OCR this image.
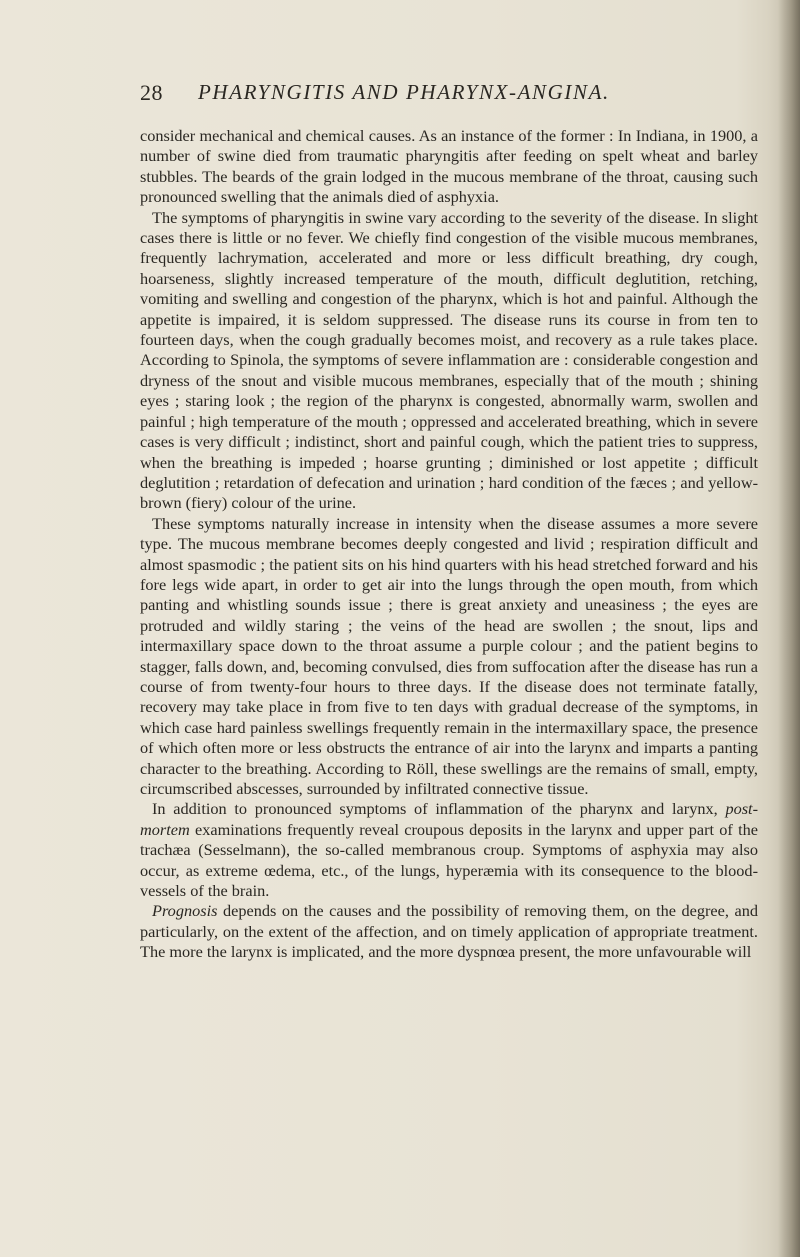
28 PHARYNGITIS AND PHARYNX-ANGINA.

consider mechanical and chemical causes. As an instance of the former : In Indiana, in 1900, a number of swine died from traumatic pharyngitis after feeding on spelt wheat and barley stubbles. The beards of the grain lodged in the mucous membrane of the throat, causing such pronounced swelling that the animals died of asphyxia.

The symptoms of pharyngitis in swine vary according to the severity of the disease. In slight cases there is little or no fever. We chiefly find congestion of the visible mucous membranes, frequently lachrymation, accelerated and more or less difficult breathing, dry cough, hoarseness, slightly increased temperature of the mouth, difficult deglutition, retching, vomiting and swelling and congestion of the pharynx, which is hot and painful. Although the appetite is impaired, it is seldom suppressed. The disease runs its course in from ten to fourteen days, when the cough gradually becomes moist, and recovery as a rule takes place. According to Spinola, the symptoms of severe inflammation are : considerable congestion and dryness of the snout and visible mucous membranes, especially that of the mouth ; shining eyes ; staring look ; the region of the pharynx is congested, abnormally warm, swollen and painful ; high temperature of the mouth ; oppressed and accelerated breathing, which in severe cases is very difficult ; indistinct, short and painful cough, which the patient tries to suppress, when the breathing is impeded ; hoarse grunting ; diminished or lost appetite ; difficult deglutition ; retardation of defecation and urination ; hard condition of the fæces ; and yellow-brown (fiery) colour of the urine.

These symptoms naturally increase in intensity when the disease assumes a more severe type. The mucous membrane becomes deeply congested and livid ; respiration difficult and almost spasmodic ; the patient sits on his hind quarters with his head stretched forward and his fore legs wide apart, in order to get air into the lungs through the open mouth, from which panting and whistling sounds issue ; there is great anxiety and uneasiness ; the eyes are protruded and wildly staring ; the veins of the head are swollen ; the snout, lips and intermaxillary space down to the throat assume a purple colour ; and the patient begins to stagger, falls down, and, becoming convulsed, dies from suffocation after the disease has run a course of from twenty-four hours to three days. If the disease does not terminate fatally, recovery may take place in from five to ten days with gradual decrease of the symptoms, in which case hard painless swellings frequently remain in the intermaxillary space, the presence of which often more or less obstructs the entrance of air into the larynx and imparts a panting character to the breathing. According to Röll, these swellings are the remains of small, empty, circumscribed abscesses, surrounded by infiltrated connective tissue.

In addition to pronounced symptoms of inflammation of the pharynx and larynx, post-mortem examinations frequently reveal croupous deposits in the larynx and upper part of the trachæa (Sesselmann), the so-called membranous croup. Symptoms of asphyxia may also occur, as extreme œdema, etc., of the lungs, hyperæmia with its consequence to the blood-vessels of the brain.

Prognosis depends on the causes and the possibility of removing them, on the degree, and particularly, on the extent of the affection, and on timely application of appropriate treatment. The more the larynx is implicated, and the more dyspnœa present, the more unfavourable will
